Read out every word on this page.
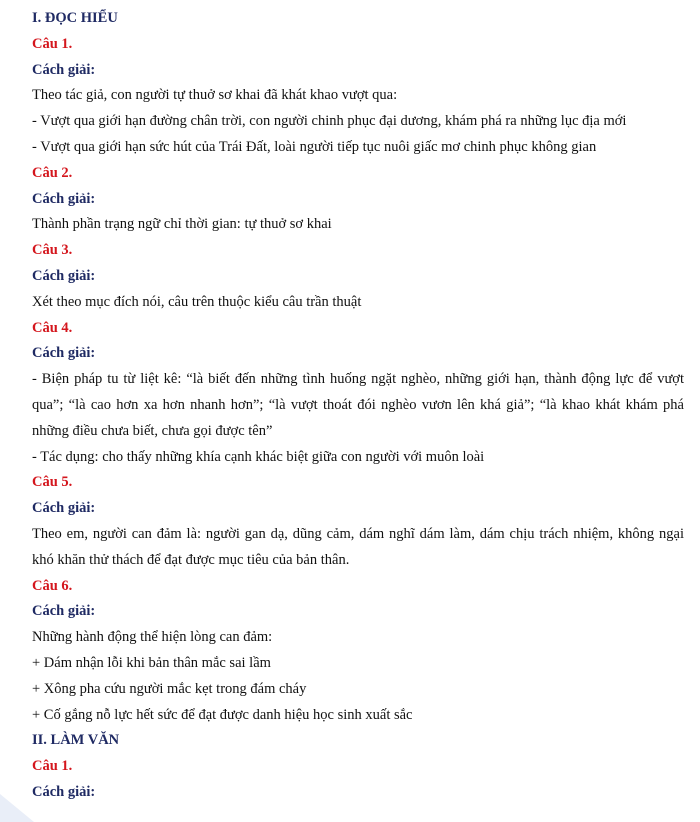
I. ĐỌC HIỂU
Câu 1.
Cách giải:
Theo tác giả, con người tự thuở sơ khai đã khát khao vượt qua:
- Vượt qua giới hạn đường chân trời, con người chinh phục đại dương, khám phá ra những lục địa mới
- Vượt qua giới hạn sức hút của Trái Đất, loài người tiếp tục nuôi giấc mơ chinh phục không gian
Câu 2.
Cách giải:
Thành phần trạng ngữ chỉ thời gian: tự thuở sơ khai
Câu 3.
Cách giải:
Xét theo mục đích nói, câu trên thuộc kiểu câu trần thuật
Câu 4.
Cách giải:

- Biện pháp tu từ liệt kê: “là biết đến những tình huống ngặt nghèo, những giới hạn, thành động lực để vượt qua”; “là cao hơn xa hơn nhanh hơn”; “là vượt thoát đói nghèo vươn lên khá giả”; “là khao khát khám phá những điều chưa biết, chưa gọi được tên”

- Tác dụng: cho thấy những khía cạnh khác biệt giữa con người với muôn loài
Câu 5.
Cách giải:

Theo em, người can đảm là: người gan dạ, dũng cảm, dám nghĩ dám làm, dám chịu trách nhiệm, không ngại khó khăn thử thách để đạt được mục tiêu của bản thân.

Câu 6.
Cách giải:
Những hành động thể hiện lòng can đảm:
+ Dám nhận lỗi khi bản thân mắc sai lầm
+ Xông pha cứu người mắc kẹt trong đám cháy
+ Cố gắng nỗ lực hết sức để đạt được danh hiệu học sinh xuất sắc
II. LÀM VĂN
Câu 1.
Cách giải:
